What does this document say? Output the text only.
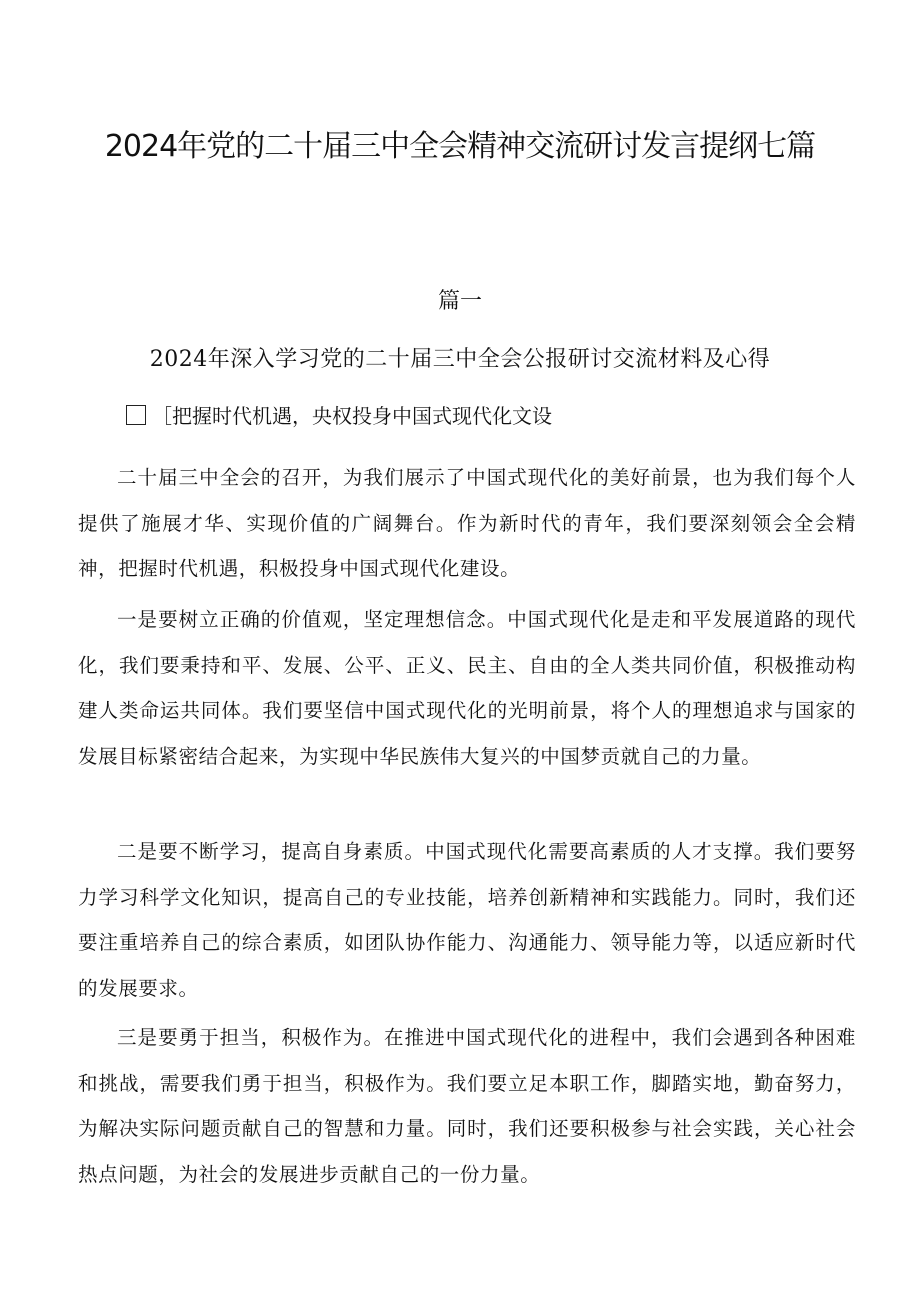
2024年党的二十届三中全会精神交流研讨发言提纲七篇
篇一
2024年深入学习党的二十届三中全会公报研讨交流材料及心得
［把握时代机遇，央权投身中国式现代化文设

二十届三中全会的召开，为我们展示了中国式现代化的美好前景，也为我们每个人提供了施展才华、实现价值的广阔舞台。作为新时代的青年，我们要深刻领会全会精神，把握时代机遇，积极投身中国式现代化建设。

一是要树立正确的价值观，坚定理想信念。中国式现代化是走和平发展道路的现代化，我们要秉持和平、发展、公平、正义、民主、自由的全人类共同价值，积极推动构建人类命运共同体。我们要坚信中国式现代化的光明前景，将个人的理想追求与国家的发展目标紧密结合起来，为实现中华民族伟大复兴的中国梦贡就自己的力量。

二是要不断学习，提高自身素质。中国式现代化需要高素质的人才支撑。我们要努力学习科学文化知识，提高自己的专业技能，培养创新精神和实践能力。同时，我们还要注重培养自己的综合素质，如团队协作能力、沟通能力、领导能力等，以适应新时代的发展要求。

三是要勇于担当，积极作为。在推进中国式现代化的进程中，我们会遇到各种困难和挑战，需要我们勇于担当，积极作为。我们要立足本职工作，脚踏实地，勤奋努力，为解决实际问题贡献自己的智慧和力量。同时，我们还要积极参与社会实践，关心社会热点问题，为社会的发展进步贡献自己的一份力量。
